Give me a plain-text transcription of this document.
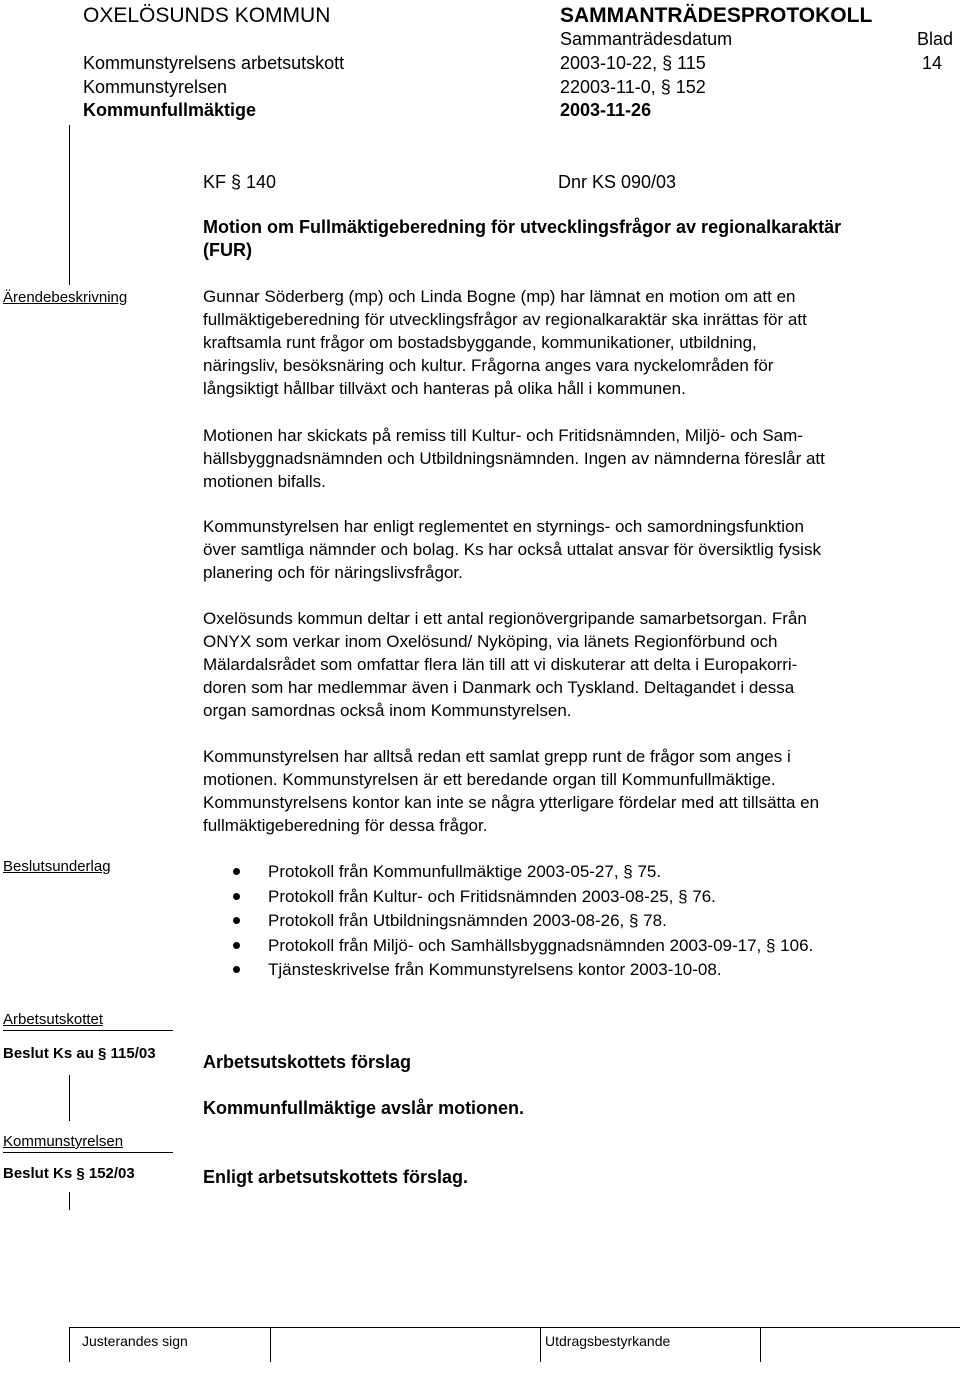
OXELÖSUNDS KOMMUN	SAMMANTRÄDESPROTOKOLL
Sammanträdesdatum	Blad
Kommunstyrelsens arbetsutskott	2003-10-22, § 115	14
Kommunstyrelsen	22003-11-0, § 152
Kommunfullmäktige	2003-11-26
KF § 140	Dnr KS 090/03
Motion om Fullmäktigeberedning för utvecklingsfrågor av regionalkaraktär
(FUR)
Ärendebeskrivning	Gunnar Söderberg (mp) och Linda Bogne (mp) har lämnat en motion om att en
fullmäktigeberedning för utvecklingsfrågor av regionalkaraktär ska inrättas för att
kraftsamla runt frågor om bostadsbyggande, kommunikationer, utbildning,
näringsliv, besöksnäring och kultur. Frågorna anges vara nyckelområden för
långsiktigt hållbar tillväxt och hanteras på olika håll i kommunen.
Motionen har skickats på remiss till Kultur- och Fritidsnämnden, Miljö- och Sam-
hällsbyggnadsnämnden och Utbildningsnämnden. Ingen av nämnderna föreslår att
motionen bifalls.
Kommunstyrelsen har enligt reglementet en styrnings- och samordningsfunktion
över samtliga nämnder och bolag. Ks har också uttalat ansvar för översiktlig fysisk
planering och för näringslivsfrågor.
Oxelösunds kommun deltar i ett antal regionövergripande samarbetsorgan. Från
ONYX som verkar inom Oxelösund/ Nyköping, via länets Regionförbund och
Mälardalsrådet som omfattar flera län till att vi diskuterar att delta i Europakorri-
doren som har medlemmar även i Danmark och Tyskland. Deltagandet i dessa
organ samordnas också inom Kommunstyrelsen.
Kommunstyrelsen har alltså redan ett samlat grepp runt de frågor som anges i
motionen. Kommunstyrelsen är ett beredande organ till Kommunfullmäktige.
Kommunstyrelsens kontor kan inte se några ytterligare fördelar med att tillsätta en
fullmäktigeberedning för dessa frågor.
Beslutsunderlag	Protokoll från Kommunfullmäktige 2003-05-27, § 75.
Protokoll från Kultur- och Fritidsnämnden 2003-08-25, § 76.
Protokoll från Utbildningsnämnden 2003-08-26, § 78.
Protokoll från Miljö- och Samhällsbyggnadsnämnden 2003-09-17, § 106.
Tjänsteskrivelse från Kommunstyrelsens kontor 2003-10-08.
Arbetsutskottet
Beslut Ks au § 115/03	Arbetsutskottets förslag
Kommunfullmäktige avslår motionen.
Kommunstyrelsen
Beslut Ks § 152/03	Enligt arbetsutskottets förslag.
Justerandes sign	Utdragsbestyrkande
